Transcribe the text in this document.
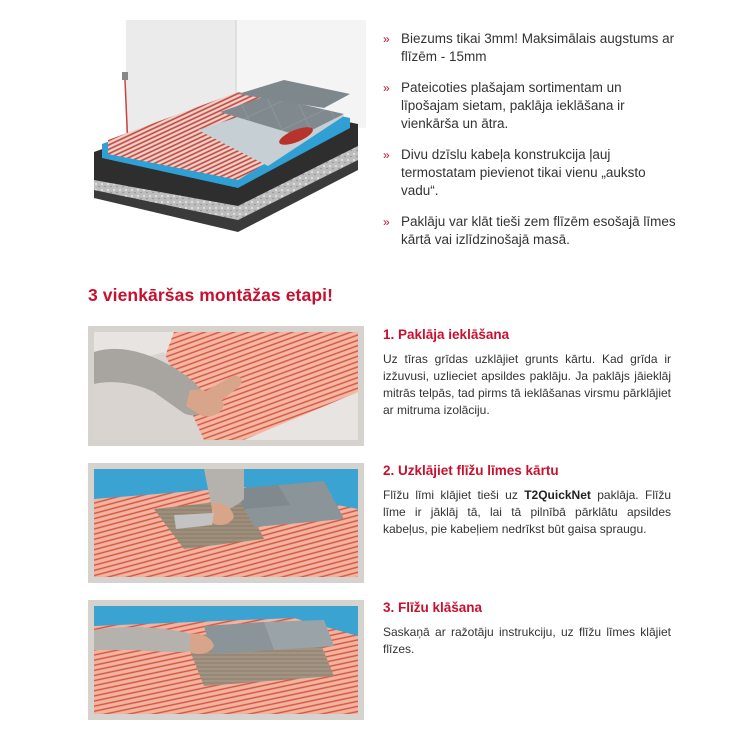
» Biezums tikai 3mm! Maksimālais augstums ar flīzēm - 15mm
» Pateicoties plašajam sortimentam un līpošajam sietam, paklāja ieklāšana ir vienkārša un ātra.
» Divu dzīslu kabeļa konstrukcija ļauj termostatam pievienot tikai vienu „auksto vadu“.
» Paklāju var klāt tieši zem flīzēm esošajā līmes kārtā vai izlīdzinošajā masā.
3 vienkāršas montāžas etapi!
1. Paklāja ieklāšana
Uz tīras grīdas uzklājiet grunts kārtu. Kad grīda ir izžuvusi, uzlieciet apsildes paklāju. Ja paklājs jāieklāj mitrās telpās, tad pirms tā ieklāšanas virsmu pārklājiet ar mitruma izolāciju.
2. Uzklājiet flīžu līmes kārtu
Flīžu līmi klājiet tieši uz T2QuickNet paklāja. Flīžu līme ir jāklāj tā, lai tā pilnībā pārklātu apsildes kabeļus, pie kabeļiem nedrīkst būt gaisa spraugu.
3. Flīžu klāšana
Saskaņā ar ražotāju instrukciju, uz flīžu līmes klājiet flīzes.
